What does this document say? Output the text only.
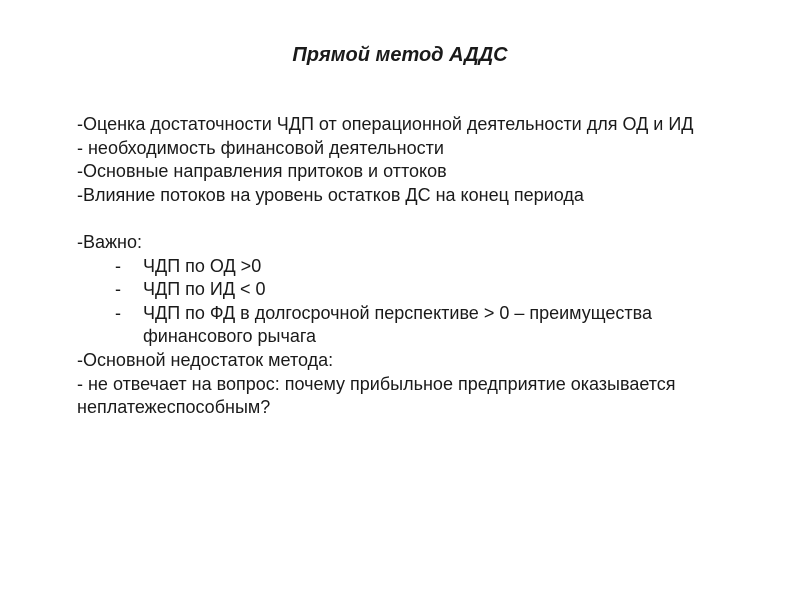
Прямой метод АДДС
-Оценка достаточности ЧДП от операционной деятельности для ОД и ИД
- необходимость финансовой деятельности
-Основные направления притоков и оттоков
-Влияние потоков на уровень остатков ДС на конец периода
-Важно:
- ЧДП по ОД >0
- ЧДП по ИД < 0
- ЧДП по ФД в долгосрочной перспективе > 0 – преимущества финансового рычага
-Основной недостаток метода:
- не отвечает на вопрос: почему прибыльное предприятие оказывается неплатежеспособным?
